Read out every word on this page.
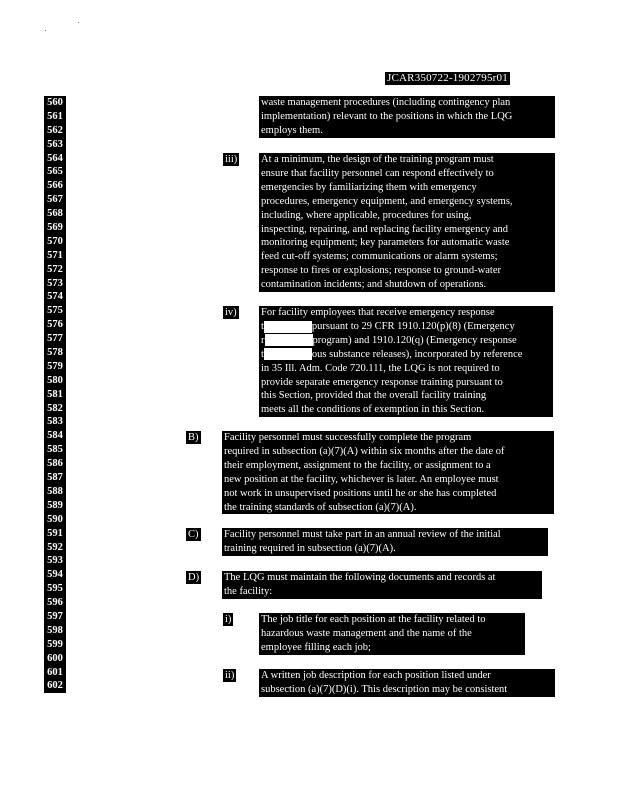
JCAR350722-1902795r01
560
561
562
563
564
565
566
567
568
569
570
571
572
573
574
575
576
577
578
579
580
581
582
583
584
585
586
587
588
589
590
591
592
593
594
595
596
597
598
599
600
601
602
waste management procedures (including contingency plan
implementation) relevant to the positions in which the LQG
employs them.
iii) At a minimum, the design of the training program must
ensure that facility personnel can respond effectively to
emergencies by familiarizing them with emergency
procedures, emergency equipment, and emergency systems,
including, where applicable, procedures for using,
inspecting, repairing, and replacing facility emergency and
monitoring equipment; key parameters for automatic waste
feed cut-off systems; communications or alarm systems;
response to fires or explosions; response to ground-water
contamination incidents; and shutdown of operations.
iv) For facility employees that receive emergency response
t	pursuant to 29 CFR 1910.120(p)(8) (Emergency
r	program) and 1910.120(q) (Emergency response
t	ous substance releases), incorporated by reference
in 35 Ill. Adm. Code 720.111, the LQG is not required to
provide separate emergency response training pursuant to
this Section, provided that the overall facility training
meets all the conditions of exemption in this Section.
B) Facility personnel must successfully complete the program
required in subsection (a)(7)(A) within six months after the date of
their employment, assignment to the facility, or assignment to a
new position at the facility, whichever is later. An employee must
not work in unsupervised positions until he or she has completed
the training standards of subsection (a)(7)(A).
C) Facility personnel must take part in an annual review of the initial
training required in subsection (a)(7)(A).
D) The LQG must maintain the following documents and records at
the facility:
i)	The job title for each position at the facility related to
hazardous waste management and the name of the
employee filling each job;
ii)	A written job description for each position listed under
subsection (a)(7)(D)(i). This description may be consistent
